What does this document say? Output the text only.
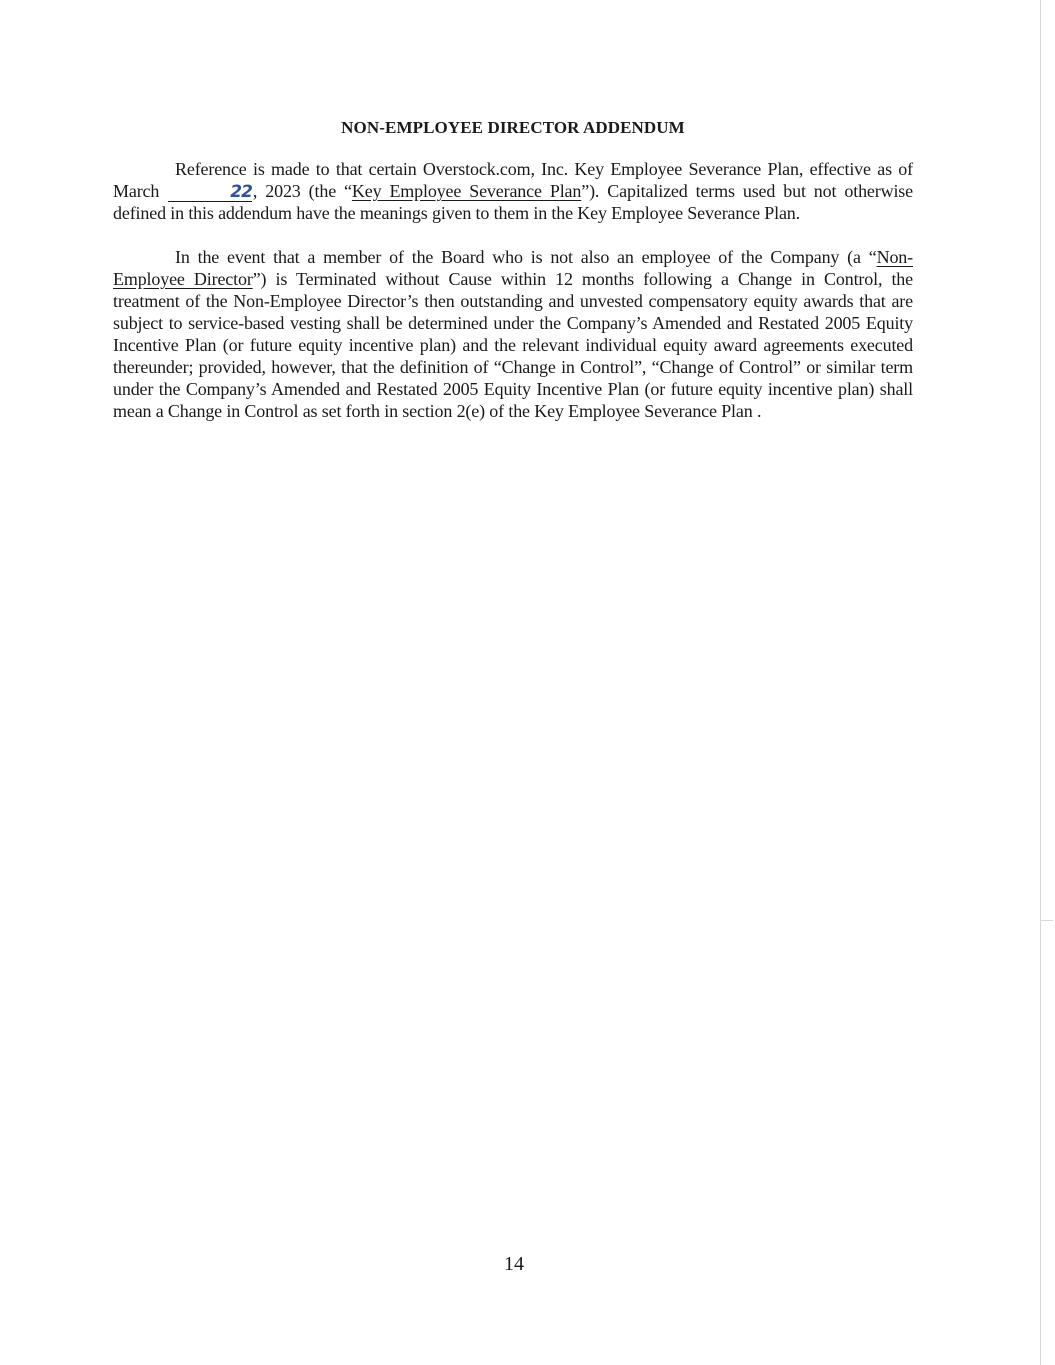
NON-EMPLOYEE DIRECTOR ADDENDUM

Reference is made to that certain Overstock.com, Inc. Key Employee Severance Plan, effective as of March	22, 2023 (the “Key Employee Severance Plan”). Capitalized terms used but not otherwise defined in this addendum have the meanings given to them in the Key Employee Severance Plan.

In the event that a member of the Board who is not also an employee of the Company (a “Non-Employee Director”) is Terminated without Cause within 12 months following a Change in Control, the treatment of the Non-Employee Director’s then outstanding and unvested compensatory equity awards that are subject to service-based vesting shall be determined under the Company’s Amended and Restated 2005 Equity Incentive Plan (or future equity incentive plan) and the relevant individual equity award agreements executed thereunder; provided, however, that the definition of “Change in Control”, “Change of Control” or similar term under the Company’s Amended and Restated 2005 Equity Incentive Plan (or future equity incentive plan) shall mean a Change in Control as set forth in section 2(e) of the Key Employee Severance Plan .

14
